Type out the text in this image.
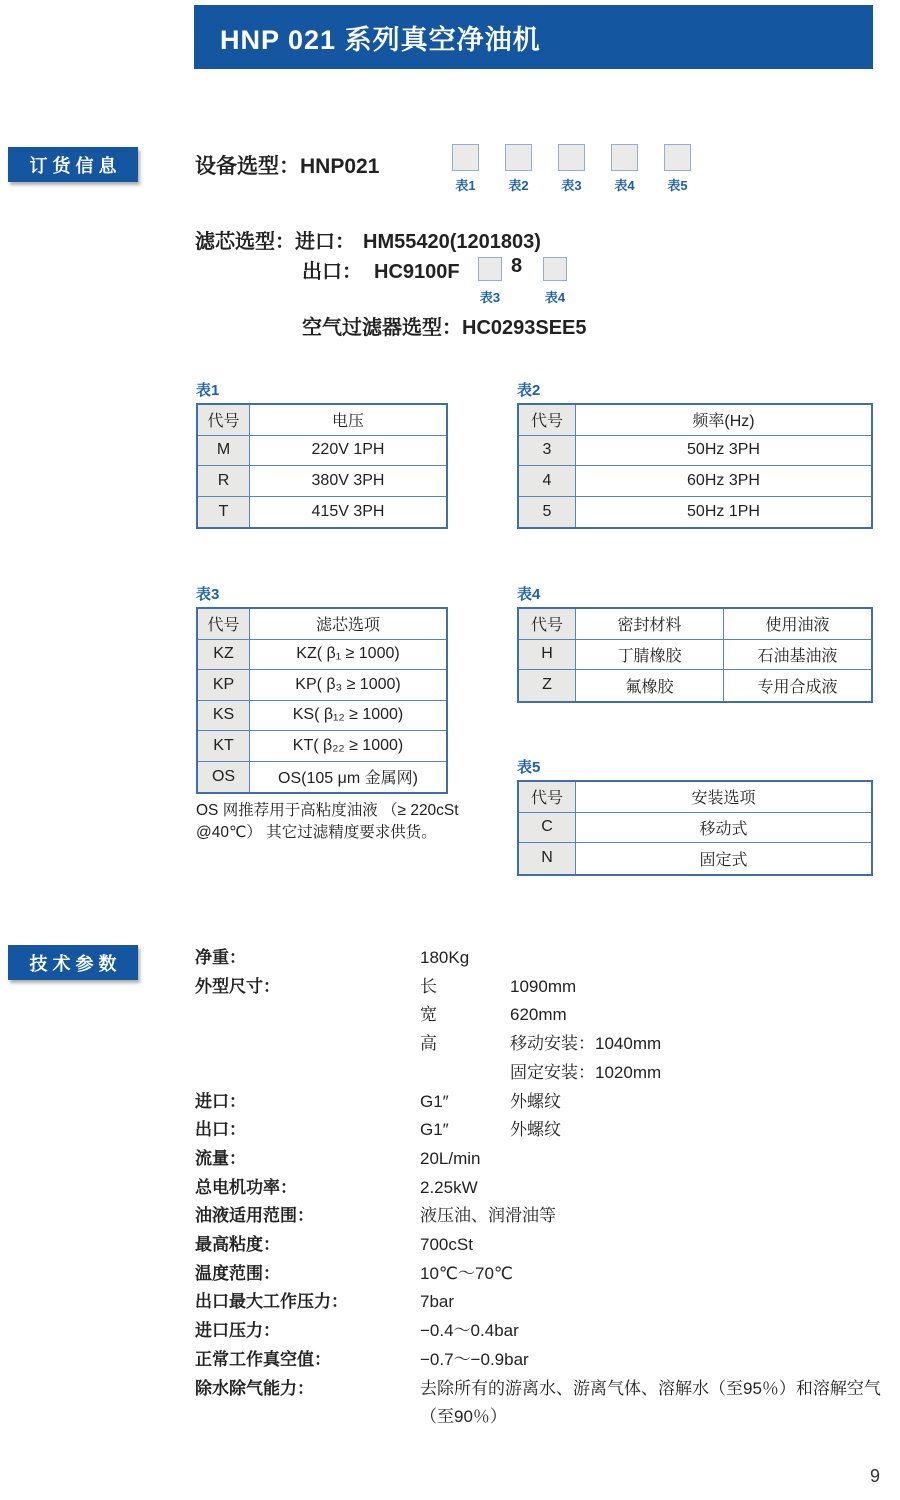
HNP 021 系列真空净油机
订货信息	设备选型：HNP021
表1	表2	表3	表4	表5
滤芯选型：进口： HM55420(1201803)
出口： HC9100F	8
表3	表4
空气过滤器选型：HC0293SEE5
技术参数	净重：	180Kg
外型尺寸：	长	1090mm
宽	620mm
高	移动安装：1040mm
固定安装：1020mm
进口：	G1″	外螺纹
出口：	G1″	外螺纹
流量：	20L/min
总电机功率：	2.25kW
油液适用范围：	液压油、润滑油等
最高粘度：	700cSt
温度范围：	10℃～70℃
出口最大工作压力：	7bar
进口压力：	−0.4～0.4bar
正常工作真空值：	−0.7～−0.9bar
除水除气能力：	去除所有的游离水、游离气体、溶解水（至95％）和溶解空气（至90％）
9
表1
代号	电压
M	220V 1PH
R	380V 3PH
T	415V 3PH
表2
代号	频率(Hz)
3	50Hz 3PH
4	60Hz 3PH
5	50Hz 1PH
表3
代号	滤芯选项
KZ	KZ( β₁ ≥ 1000)
KP	KP( β₃ ≥ 1000)
KS	KS( β₁₂ ≥ 1000)
KT	KT( β₂₂ ≥ 1000)
OS	OS(105 μm 金属网)
OS 网推荐用于高粘度油液 （≥ 220cSt @40℃） 其它过滤精度要求供货。
表4
代号	密封材料	使用油液
H	丁腈橡胶	石油基油液
Z	氟橡胶	专用合成液
表5
代号	安装选项
C	移动式
N	固定式
